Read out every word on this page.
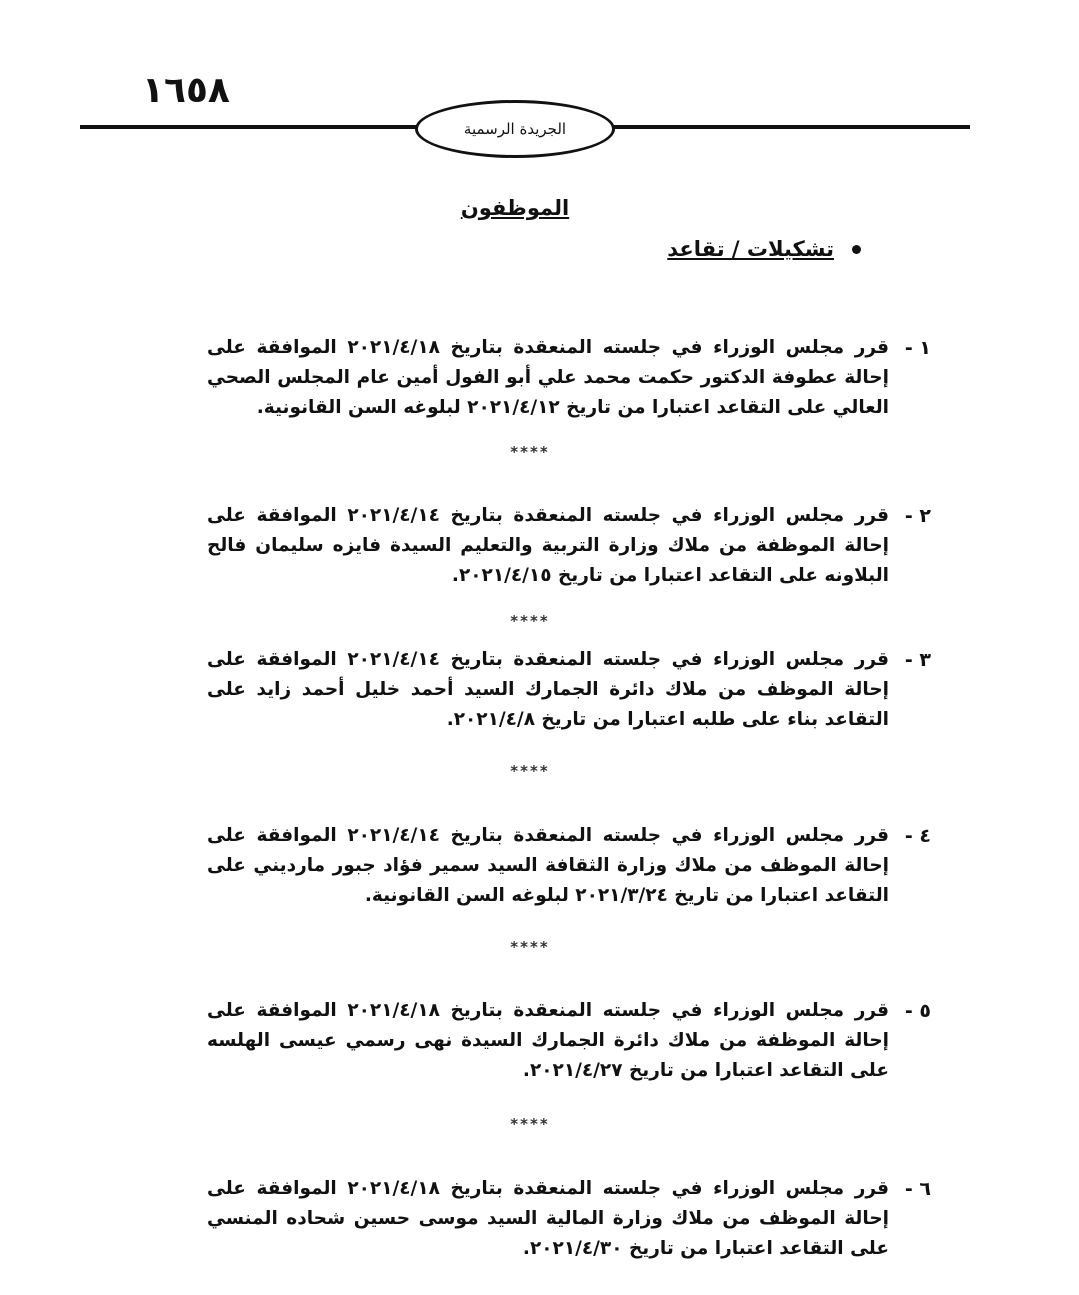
١٦٥٨
الجريدة الرسمية
الموظفون
تشكيلات / تقاعد
١ -
قرر مجلس الوزراء في جلسته المنعقدة بتاريخ ٢٠٢١/٤/١٨ الموافقة على إحالة عطوفة الدكتور حكمت محمد علي أبو الفول أمين عام المجلس الصحي العالي على التقاعد اعتبارا من تاريخ ٢٠٢١/٤/١٢ لبلوغه السن القانونية.
****
٢ -
قرر مجلس الوزراء في جلسته المنعقدة بتاريخ ٢٠٢١/٤/١٤ الموافقة على إحالة الموظفة من ملاك وزارة التربية والتعليم السيدة فايزه سليمان فالح البلاونه على التقاعد اعتبارا من تاريخ ٢٠٢١/٤/١٥.
****
٣ -
قرر مجلس الوزراء في جلسته المنعقدة بتاريخ ٢٠٢١/٤/١٤ الموافقة على إحالة الموظف من ملاك دائرة الجمارك السيد أحمد خليل أحمد زايد على التقاعد بناء على طلبه اعتبارا من تاريخ ٢٠٢١/٤/٨.
****
٤ -
قرر مجلس الوزراء في جلسته المنعقدة بتاريخ ٢٠٢١/٤/١٤ الموافقة على إحالة الموظف من ملاك وزارة الثقافة السيد سمير فؤاد جبور مارديني على التقاعد اعتبارا من تاريخ ٢٠٢١/٣/٢٤ لبلوغه السن القانونية.
****
٥ -
قرر مجلس الوزراء في جلسته المنعقدة بتاريخ ٢٠٢١/٤/١٨ الموافقة على إحالة الموظفة من ملاك دائرة الجمارك السيدة نهى رسمي عيسى الهلسه على التقاعد اعتبارا من تاريخ ٢٠٢١/٤/٢٧.
****
٦ -
قرر مجلس الوزراء في جلسته المنعقدة بتاريخ ٢٠٢١/٤/١٨ الموافقة على إحالة الموظف من ملاك وزارة المالية السيد موسى حسين شحاده المنسي على التقاعد اعتبارا من تاريخ ٢٠٢١/٤/٣٠.
